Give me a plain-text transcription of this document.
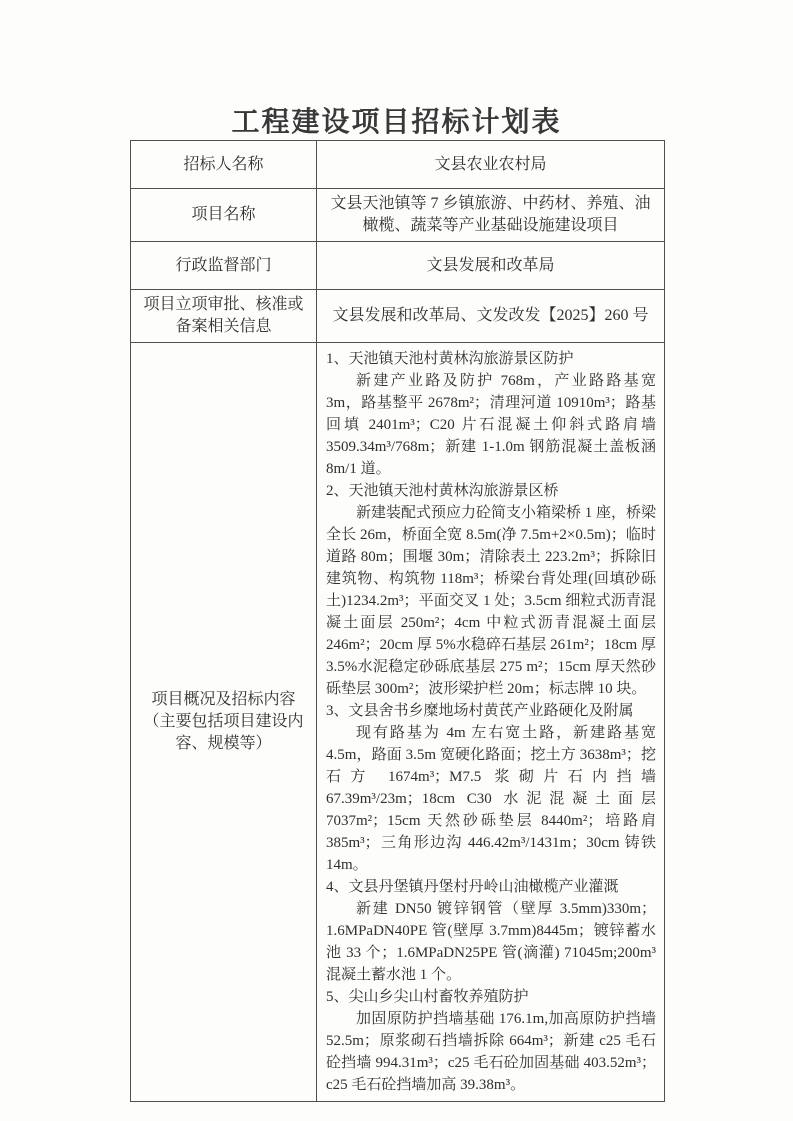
工程建设项目招标计划表
招标人名称	文县农业农村局
项目名称
文县天池镇等 7 乡镇旅游、中药材、养殖、油橄榄、蔬菜等产业基础设施建设项目
行政监督部门	文县发展和改革局
项目立项审批、核准或备案相关信息
文县发展和改革局、文发改发【2025】260 号
项目概况及招标内容（主要包括项目建设内容、规模等）

1、天池镇天池村黄林沟旅游景区防护

新建产业路及防护 768m，产业路路基宽 3m，路基整平 2678m²；清理河道 10910m³；路基回填 2401m³；C20 片石混凝土仰斜式路肩墙 3509.34m³/768m；新建 1-1.0m 钢筋混凝土盖板涵 8m/1 道。

2、天池镇天池村黄林沟旅游景区桥

新建装配式预应力砼简支小箱梁桥 1 座，桥梁全长 26m，桥面全宽 8.5m(净 7.5m+2×0.5m)；临时道路 80m；围堰 30m；清除表土 223.2m³；拆除旧建筑物、构筑物 118m³；桥梁台背处理(回填砂砾土)1234.2m³；平面交叉 1 处；3.5cm 细粒式沥青混凝土面层 250m²；4cm 中粒式沥青混凝土面层 246m²；20cm 厚 5%水稳碎石基层 261m²；18cm 厚 3.5%水泥稳定砂砾底基层 275 m²；15cm 厚天然砂砾垫层 300m²；波形梁护栏 20m；标志牌 10 块。

3、文县舍书乡糜地场村黄芪产业路硬化及附属

现有路基为 4m 左右宽土路，新建路基宽 4.5m，路面 3.5m 宽硬化路面；挖土方 3638m³；挖石方 1674m³；M7.5 浆砌片石内挡墙 67.39m³/23m；18cm C30 水泥混凝土面层 7037m²；15cm 天然砂砾垫层 8440m²；培路肩 385m³；三角形边沟 446.42m³/1431m；30cm 铸铁 14m。

4、文县丹堡镇丹堡村丹岭山油橄榄产业灌溉

新建 DN50 镀锌钢管（壁厚 3.5mm)330m；1.6MPaDN40PE 管(壁厚 3.7mm)8445m；镀锌蓄水池 33 个；1.6MPaDN25PE 管(滴灌) 71045m;200m³ 混凝土蓄水池 1 个。

5、尖山乡尖山村畜牧养殖防护

加固原防护挡墙基础 176.1m,加高原防护挡墙 52.5m；原浆砌石挡墙拆除 664m³；新建 c25 毛石砼挡墙 994.31m³；c25 毛石砼加固基础 403.52m³；c25 毛石砼挡墙加高 39.38m³。
